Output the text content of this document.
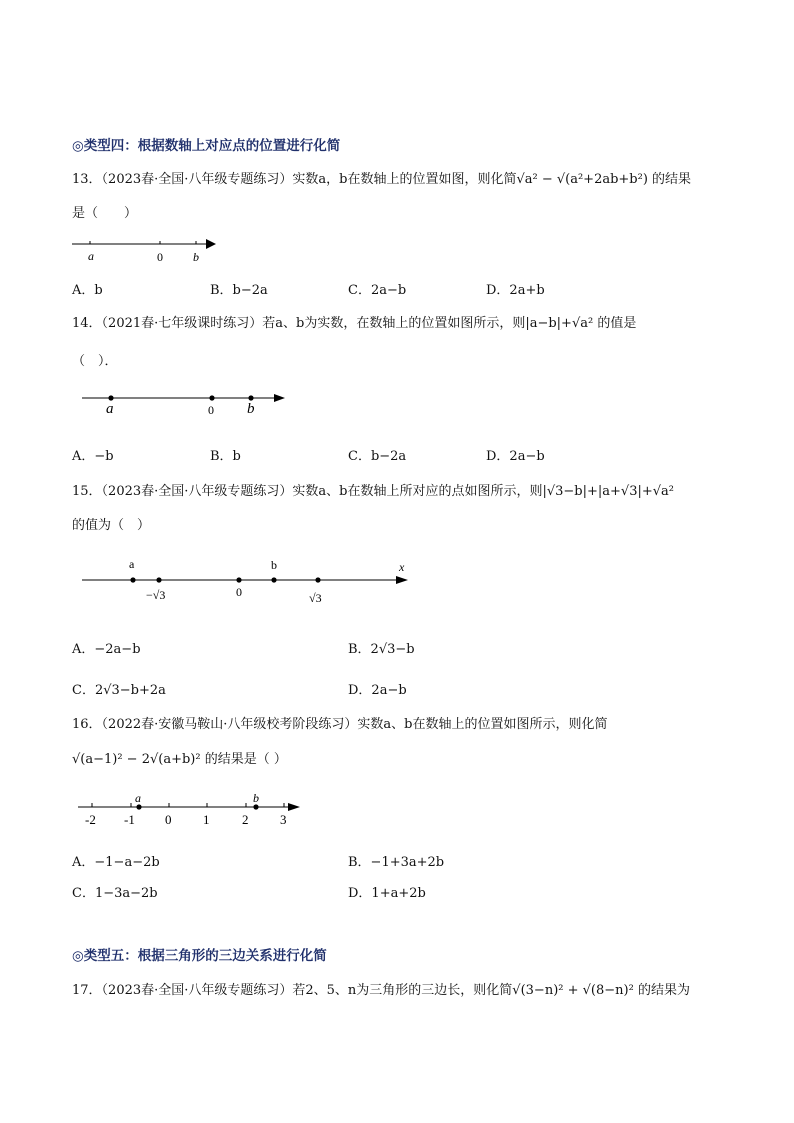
◎类型四：根据数轴上对应点的位置进行化简
13．（2023春·全国·八年级专题练习）实数a，b在数轴上的位置如图，则化简√a² − √(a²+2ab+b²) 的结果
是（　　）
a	0	b
A．b	B．b−2a	C．2a−b	D．2a+b
14．（2021春·七年级课时练习）若a、b为实数，在数轴上的位置如图所示，则|a−b|+√a² 的值是
（　）．
a	0 b
A．−b	B．b	C．b−2a	D．2a−b
15．（2023春·全国·八年级专题练习）实数a、b在数轴上所对应的点如图所示，则|√3−b|+|a+√3|+√a²
的值为（　）
a
−√3	0
b
√3
x
A．−2a−b	B．2√3−b
C．2√3−b+2a	D．2a−b
16．（2022春·安徽马鞍山·八年级校考阶段练习）实数a、b在数轴上的位置如图所示，则化简
√(a−1)² − 2√(a+b)² 的结果是（ ）
a	b
-2 -1 0 1	2 3
A．−1−a−2b	B．−1+3a+2b
C．1−3a−2b	D．1+a+2b
◎类型五：根据三角形的三边关系进行化简
17．（2023春·全国·八年级专题练习）若2、5、n为三角形的三边长，则化简√(3−n)² + √(8−n)² 的结果为
